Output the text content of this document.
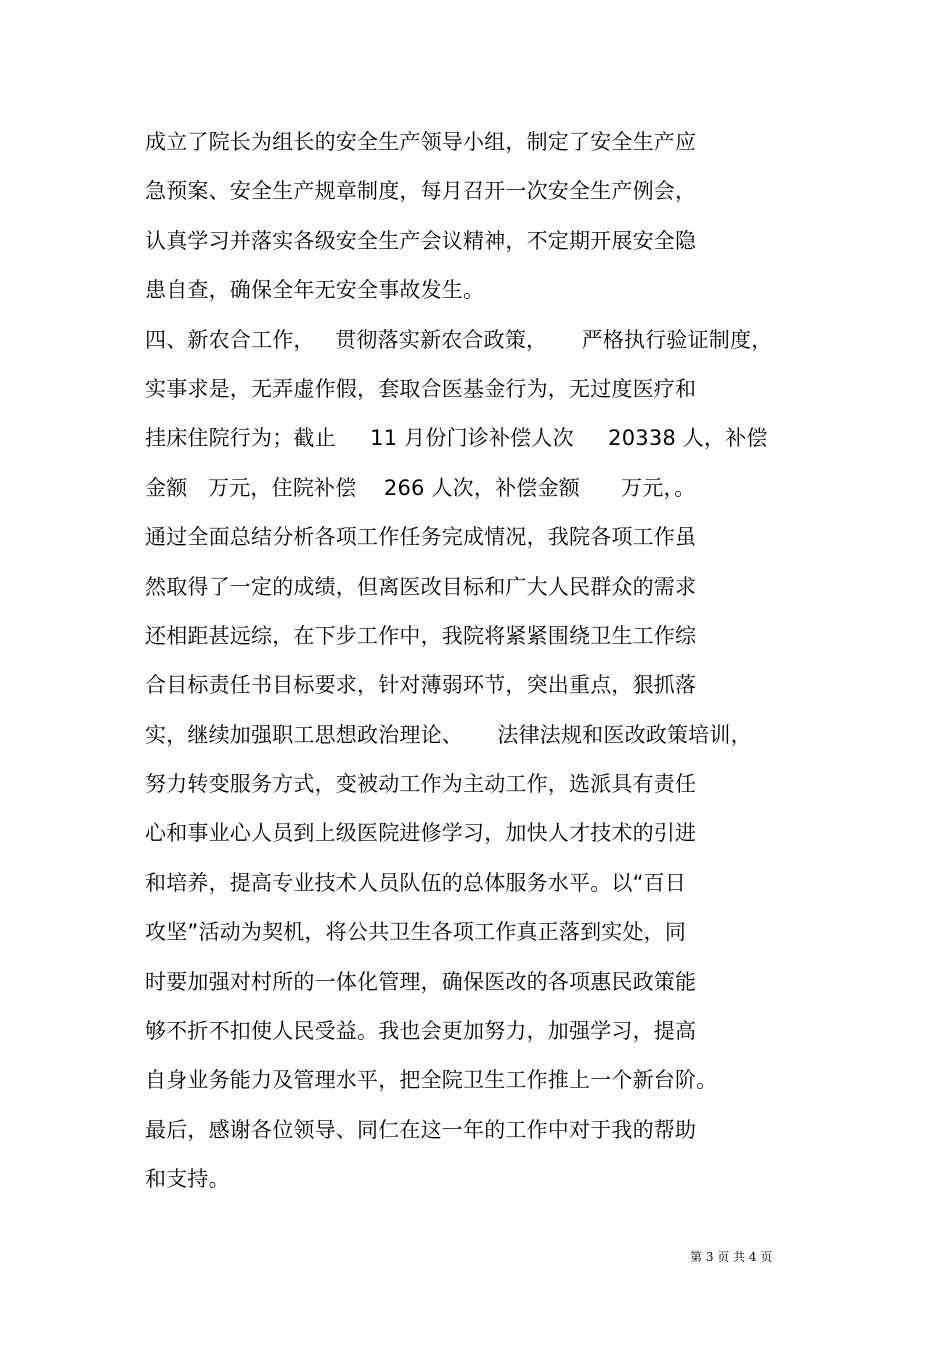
成立了院长为组长的安全生产领导小组，制定了安全生产应
急预案、安全生产规章制度，每月召开一次安全生产例会，
认真学习并落实各级安全生产会议精神，不定期开展安全隐
患自查，确保全年无安全事故发生。
四、新农合工作，   贯彻落实新农合政策，     严格执行验证制度，
实事求是，无弄虚作假，套取合医基金行为，无过度医疗和
挂床住院行为；截止     11 月份门诊补偿人次     20338 人，补偿
金额   万元，住院补偿    266 人次，补偿金额      万元，。
通过全面总结分析各项工作任务完成情况，我院各项工作虽
然取得了一定的成绩，但离医改目标和广大人民群众的需求
还相距甚远综，在下步工作中，我院将紧紧围绕卫生工作综
合目标责任书目标要求，针对薄弱环节，突出重点，狠抓落
实，继续加强职工思想政治理论、     法律法规和医改政策培训，
努力转变服务方式，变被动工作为主动工作，选派具有责任
心和事业心人员到上级医院进修学习，加快人才技术的引进
和培养，提高专业技术人员队伍的总体服务水平。以“百日
攻坚”活动为契机，将公共卫生各项工作真正落到实处，同
时要加强对村所的一体化管理，确保医改的各项惠民政策能
够不折不扣使人民受益。我也会更加努力，加强学习，提高
自身业务能力及管理水平，把全院卫生工作推上一个新台阶。
最后，感谢各位领导、同仁在这一年的工作中对于我的帮助
和支持。
第 3 页 共 4 页
